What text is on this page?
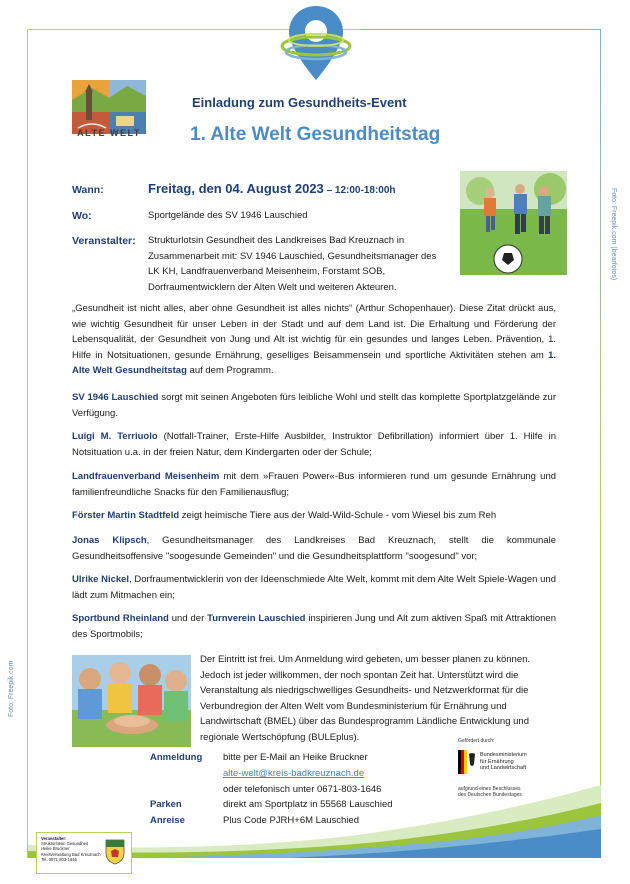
ALTE WELT
Einladung zum Gesundheits-Event
1. Alte Welt Gesundheitstag
Wann:	Freitag, den 04. August 2023 – 12:00-18:00h
Wo:	Sportgelände des SV 1946 Lauschied
Veranstalter: Strukturlotsin Gesundheit des Landkreises Bad Kreuznach in Zusammenarbeit mit: SV 1946 Lauschied, Gesundheitsmanager des LK KH, Landfrauenverband Meisenheim, Forstamt SOB, Dorfraumentwicklern der Alten Welt und weiteren Akteuren.
Foto: Freepik.com (bearfotos)
„Gesundheit ist nicht alles, aber ohne Gesundheit ist alles nichts“ (Arthur Schopenhauer). Diese Zitat drückt aus, wie wichtig Gesundheit für unser Leben in der Stadt und auf dem Land ist. Die Erhaltung und Förderung der Lebensqualität, der Gesundheit von Jung und Alt ist wichtig für ein gesundes und langes Leben. Prävention, 1. Hilfe in Notsituationen, gesunde Ernährung, geselliges Beisammensein und sportliche Aktivitäten stehen am 1. Alte Welt Gesundheitstag auf dem Programm.
SV 1946 Lauschied sorgt mit seinen Angeboten fürs leibliche Wohl und stellt das komplette Sportplatzgelände zur Verfügung.
Luigi M. Terriuolo (Notfall-Trainer, Erste-Hilfe Ausbilder, Instruktor Defibrillation) informiert über 1. Hilfe in Notsituation u.a. in der freien Natur, dem Kindergarten oder der Schule;
Landfrauenverband Meisenheim mit dem »Frauen Power«-Bus informieren rund um gesunde Ernährung und familienfreundliche Snacks für den Familienausflug;
Förster Martin Stadtfeld zeigt heimische Tiere aus der Wald-Wild-Schule - vom Wiesel bis zum Reh
Jonas Klipsch, Gesundheitsmanager des Landkreises Bad Kreuznach, stellt die kommunale Gesundheitsoffensive "soogesunde Gemeinden" und die Gesundheitsplattform "soogesund" vor;
Ulrike Nickel, Dorfraumentwicklerin von der Ideenschmiede Alte Welt, kommt mit dem Alte Welt Spiele-Wagen und lädt zum Mitmachen ein;
Sportbund Rheinland und der Turnverein Lauschied inspirieren Jung und Alt zum aktiven Spaß mit Attraktionen des Sportmobils;
Foto: Freepik.com
Der Eintritt ist frei. Um Anmeldung wird gebeten, um besser planen zu können. Jedoch ist jeder willkommen, der noch spontan Zeit hat. Unterstützt wird die Veranstaltung als niedrigschwelliges Gesundheits- und Netzwerkformat für die Verbundregion der Alten Welt vom Bundesministerium für Ernährung und Landwirtschaft (BMEL) über das Bundesprogramm Ländliche Entwicklung und regionale Wertschöpfung (BULEplus).
Anmeldung bitte per E-Mail an Heike Bruckner
alte-welt@kreis-badkreuznach.de
oder telefonisch unter 0671-803-1646
Parken	direkt am Sportplatz in 55568 Lauschied
Anreise	Plus Code PJRH+6M Lauschied
Gefördert durch:
Bundesministerium
für Ernährung
und Landwirtschaft
aufgrund eines Beschlusses
des Deutschen Bundestages
Veranstalter:
Strukturlotsin Gesundheit
Heike Bruckner
Kreisverwaltung Bad Kreuznach
Tel. 0671 803-1646
